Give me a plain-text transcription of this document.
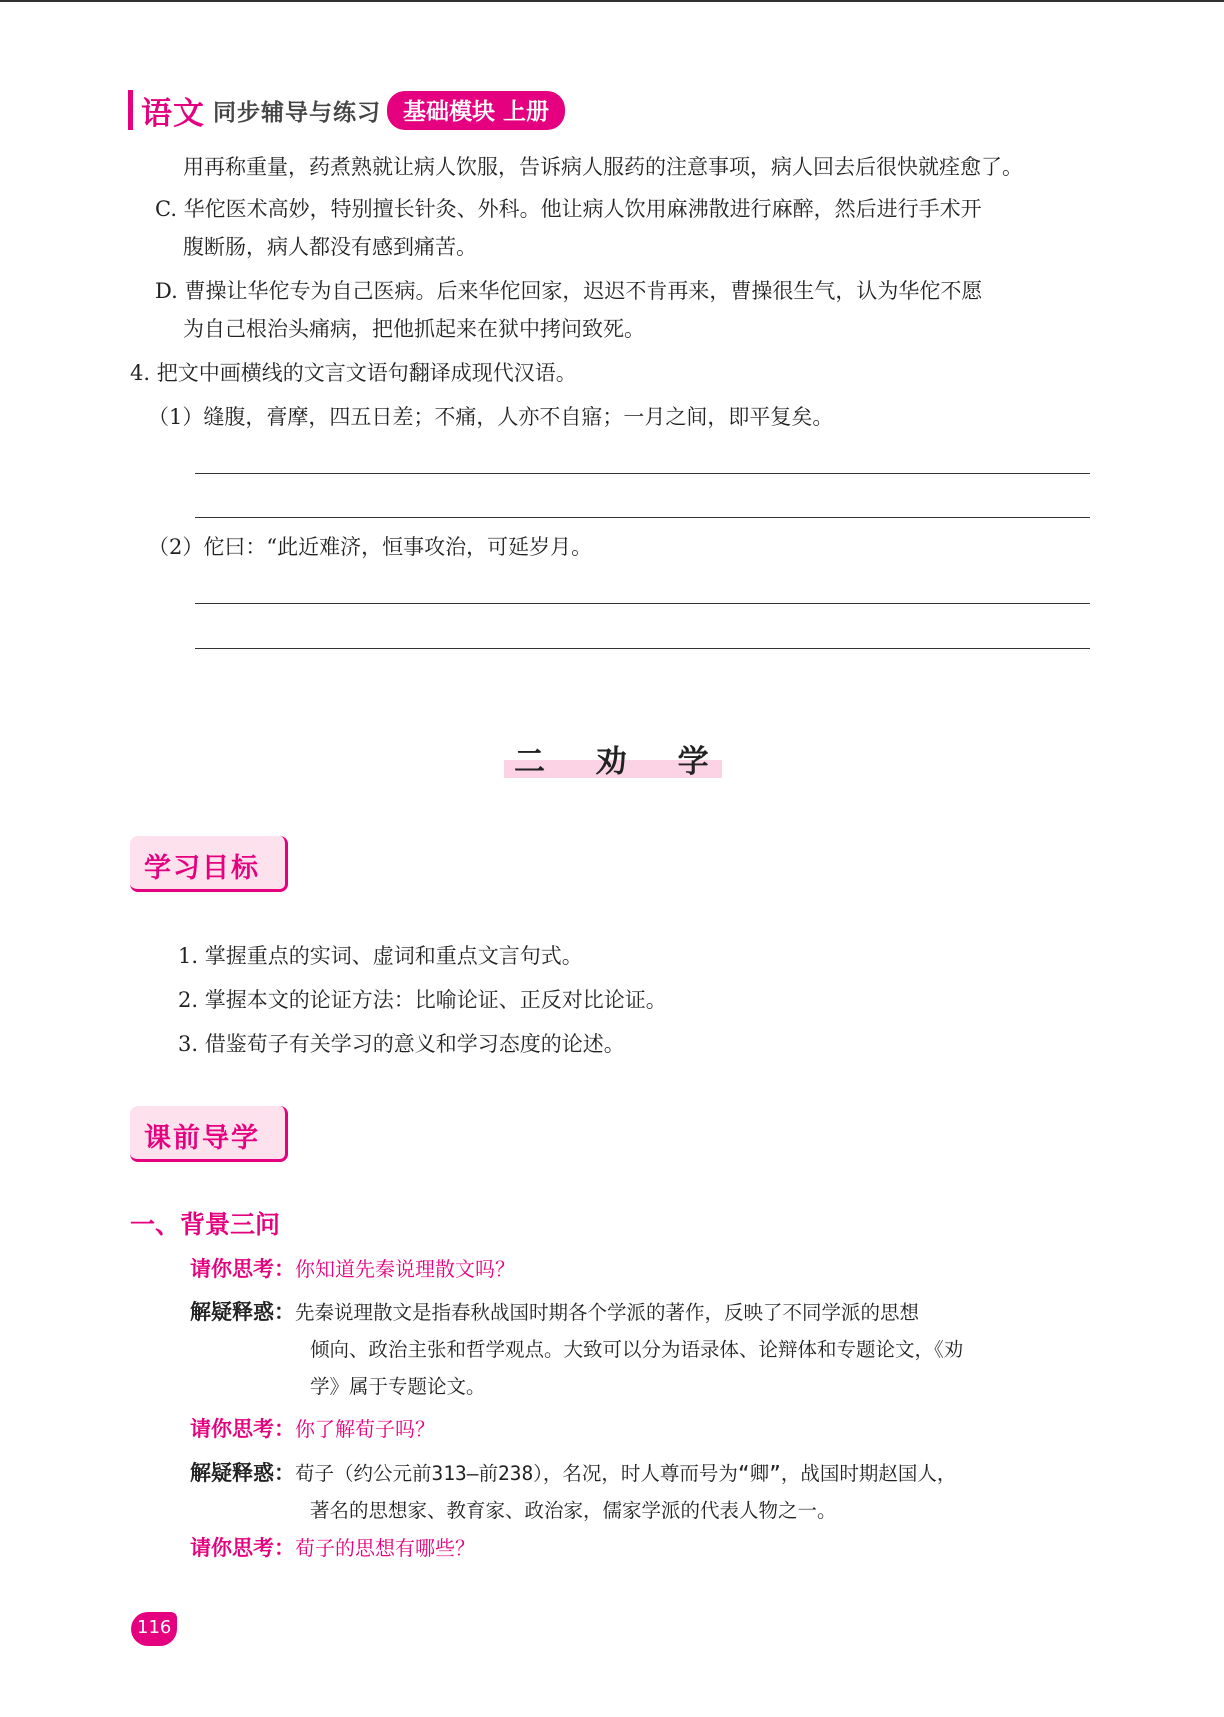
语文 同步辅导与练习 基础模块 上册
用再称重量，药煮熟就让病人饮服，告诉病人服药的注意事项，病人回去后很快就痊愈了。
C. 华佗医术高妙，特别擅长针灸、外科。他让病人饮用麻沸散进行麻醉，然后进行手术开
腹断肠，病人都没有感到痛苦。
D. 曹操让华佗专为自己医病。后来华佗回家，迟迟不肯再来，曹操很生气，认为华佗不愿
为自己根治头痛病，把他抓起来在狱中拷问致死。
4. 把文中画横线的文言文语句翻译成现代汉语。
（1）缝腹，膏摩，四五日差；不痛，人亦不自寤；一月之间，即平复矣。
（2）佗曰：“此近难济，恒事攻治，可延岁月。
二 劝 学
学习目标
1. 掌握重点的实词、虚词和重点文言句式。
2. 掌握本文的论证方法：比喻论证、正反对比论证。
3. 借鉴荀子有关学习的意义和学习态度的论述。
课前导学
一、背景三问
请你思考：你知道先秦说理散文吗？
解疑释惑：先秦说理散文是指春秋战国时期各个学派的著作，反映了不同学派的思想
倾向、政治主张和哲学观点。大致可以分为语录体、论辩体和专题论文，《劝
学》属于专题论文。
请你思考：你了解荀子吗？
解疑释惑：荀子（约公元前313—前238），名况，时人尊而号为“卿”，战国时期赵国人，
著名的思想家、教育家、政治家，儒家学派的代表人物之一。
请你思考：荀子的思想有哪些？
116
